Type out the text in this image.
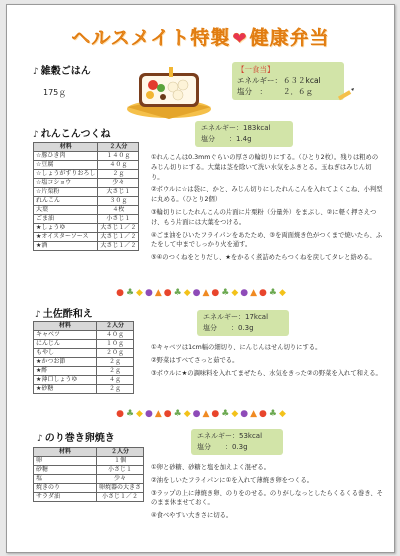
ヘルスメイト特製 ❤ 健康弁当
♪ 雑穀ごはん
175ｇ
【一食当】
エネルギー：６３２kcal
塩分　： ２．６ｇ
♪ れんこんつくね
材料	２人分
☆豚ひき肉	１４０ｇ
☆豆腐	４０ｇ
☆しょうがすりおろし	２ｇ
☆塩コショウ	少々
☆片栗粉	大さじ１
れんこん	３０ｇ
大葉	４枚
ごま油	小さじ１
★しょうゆ	大さじ１／２
★オイスターソース	大さじ１／２
★酒	大さじ１／２
エネルギー：183kcal
塩分　　：1.4g

①れんこんは0.3mmぐらいの厚さの輪切りにする。（ひとり2枚）。残りは粗めのみじん切りにする。大葉は茎を除いて洗い水気をふきとる。玉ねぎはみじん切り。

②ボウルに☆は袋に、かと、みじん切りにしたれんこんを入れてよくこね、小判型に丸める。（ひとり2個）

③輪切りにしたれんこんの片面に片栗粉（分量外）をまぶし、②に軽く押さえつけ、もう片面には大葉をつける。

④ごま油をひいたフライパンをあたため、③を両面焼き色がつくまで焼いたら、ふたをして中までしっかり火を通す。

⑤④のつくねをとりだし、★をかるく煮詰めたらつくねを戻してタレと絡める。

●♣◆●▲●♣◆●▲●♣◆●▲●♣◆
♪ 土佐酢和え
材料	２人分
キャベツ	４０ｇ
にんじん	１０ｇ
もやし	２０ｇ
★かつお節	２ｇ
★酢	２ｇ
★薄口しょうゆ	４ｇ
★砂糖	２ｇ
エネルギー：17kcal
塩分　　：0.3g

①キャベツは1cm幅の細切り、にんじんはせん切りにする。

②野菜はすべてさっと茹でる。

③ボウルに★の調味料を入れてまぜたら、水気をきった②の野菜を入れて和える。

●♣◆●▲●♣◆●▲●♣◆●▲●♣◆
♪ のり巻き卵焼き
材料	２人分
卵	１個
砂糖	小さじ１
塩	少々
焼きのり	卵焼器の大きさ
サラダ油	小さじ１／２
エネルギー：53kcal
塩分　　：0.3g

①卵と砂糖、砂糖と塩を加えよく混ぜる。

②油をしいたフライパンに①を入れて薄焼き卵をつくる。

③ラップの上に薄焼き卵、のりをのせる。のりがしなっとしたらくるくる巻き、そのまま休ませておく。

④食べやすい大きさに切る。
